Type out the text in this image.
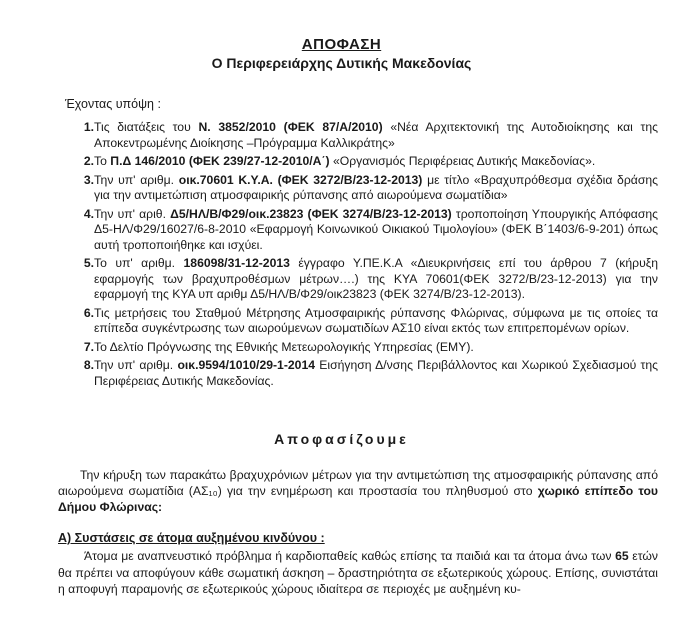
ΑΠΟΦΑΣΗ
Ο Περιφερειάρχης Δυτικής Μακεδονίας
Έχοντας υπόψη :
1. Τις διατάξεις του Ν. 3852/2010 (ΦΕΚ 87/Α/2010) «Νέα Αρχιτεκτονική της Αυτοδιοίκησης και της Αποκεντρωμένης Διοίκησης –Πρόγραμμα Καλλικράτης»
2. Το Π.Δ 146/2010 (ΦΕΚ 239/27-12-2010/Α΄) «Οργανισμός Περιφέρειας Δυτικής Μακεδονίας».
3. Την υπ' αριθμ. οικ.70601 Κ.Υ.Α. (ΦΕΚ 3272/Β/23-12-2013) με τίτλο «Βραχυπρόθεσμα σχέδια δράσης για την αντιμετώπιση ατμοσφαιρικής ρύπανσης από αιωρούμενα σωματίδια»
4. Την υπ' αριθ. Δ5/ΗΛ/Β/Φ29/οικ.23823 (ΦΕΚ 3274/Β/23-12-2013) τροποποίηση Υπουργικής Απόφασης Δ5-ΗΛ/Φ29/16027/6-8-2010 «Εφαρμογή Κοινωνικού Οικιακού Τιμολογίου» (ΦΕΚ Β΄1403/6-9-201) όπως αυτή τροποποιήθηκε και ισχύει.
5. Το υπ' αριθμ. 186098/31-12-2013 έγγραφο Υ.ΠΕ.Κ.Α «Διευκρινήσεις επί του άρθρου 7 (κήρυξη εφαρμογής των βραχυπροθέσμων μέτρων….) της ΚΥΑ 70601(ΦΕΚ 3272/Β/23-12-2013) για την εφαρμογή της ΚΥΑ υπ αριθμ Δ5/ΗΛ/Β/Φ29/οικ23823 (ΦΕΚ 3274/Β/23-12-2013).
6. Τις μετρήσεις του Σταθμού Μέτρησης Ατμοσφαιρικής ρύπανσης Φλώρινας, σύμφωνα με τις οποίες τα επίπεδα συγκέντρωσης των αιωρούμενων σωματιδίων ΑΣ10 είναι εκτός των επιτρεπομένων ορίων.
7. Το Δελτίο Πρόγνωσης της Εθνικής Μετεωρολογικής Υπηρεσίας (ΕΜΥ).
8. Την υπ' αριθμ. οικ.9594/1010/29-1-2014 Εισήγηση Δ/νσης Περιβάλλοντος και Χωρικού Σχεδιασμού της Περιφέρειας Δυτικής Μακεδονίας.
Αποφασίζουμε
Την κήρυξη των παρακάτω βραχυχρόνιων μέτρων για την αντιμετώπιση της ατμοσφαιρικής ρύπανσης από αιωρούμενα σωματίδια (ΑΣ₁₀) για την ενημέρωση και προστασία του πληθυσμού στο χωρικό επίπεδο του Δήμου Φλώρινας:
Α) Συστάσεις σε άτομα αυξημένου κινδύνου :
Άτομα με αναπνευστικό πρόβλημα ή καρδιοπαθείς καθώς επίσης τα παιδιά και τα άτομα άνω των 65 ετών θα πρέπει να αποφύγουν κάθε σωματική άσκηση – δραστηριότητα σε εξωτερικούς χώρους. Επίσης, συνιστάται η αποφυγή παραμονής σε εξωτερικούς χώρους ιδιαίτερα σε περιοχές με αυξημένη κυ-
